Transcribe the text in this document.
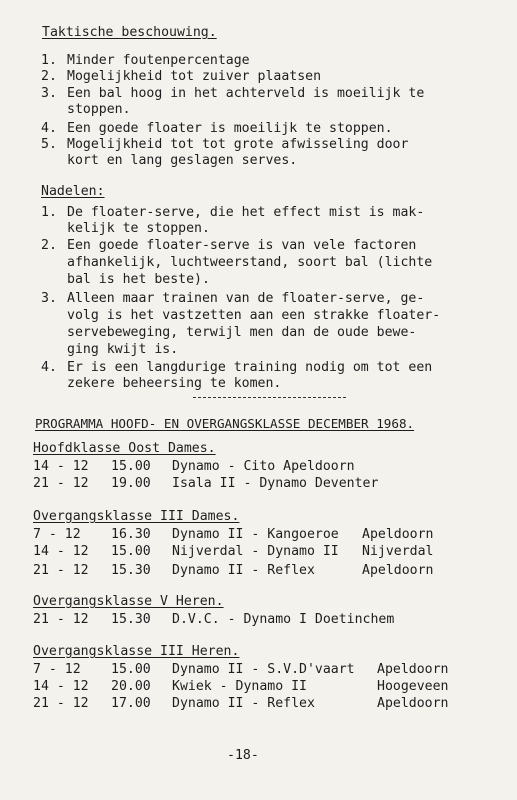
Taktische beschouwing.
1. Minder foutenpercentage
2. Mogelijkheid tot zuiver plaatsen
3. Een bal hoog in het achterveld is moeilijk te
stoppen.
4. Een goede floater is moeilijk te stoppen.
5. Mogelijkheid tot tot grote afwisseling door
kort en lang geslagen serves.
Nadelen:
1. De floater-serve, die het effect mist is mak-
kelijk te stoppen.
2. Een goede floater-serve is van vele factoren
afhankelijk, luchtweerstand, soort bal (lichte
bal is het beste).
3. Alleen maar trainen van de floater-serve, ge-
volg is het vastzetten aan een strakke floater-
servebeweging, terwijl men dan de oude bewe-
ging kwijt is.
4. Er is een langdurige training nodig om tot een
zekere beheersing te komen.
PROGRAMMA HOOFD- EN OVERGANGSKLASSE DECEMBER 1968.
Hoofdklasse Oost Dames.
14 - 12 15.00 Dynamo - Cito Apeldoorn
21 - 12 19.00 Isala II - Dynamo Deventer
Overgangsklasse III Dames.
7 - 12 16.30 Dynamo II - Kangoeroe Apeldoorn
14 - 12 15.00 Nijverdal - Dynamo II Nijverdal
21 - 12 15.30 Dynamo II - Reflex	Apeldoorn
Overgangsklasse V Heren.
21 - 12 15.30 D.V.C. - Dynamo I Doetinchem
Overgangsklasse III Heren.
7 - 12 15.00 Dynamo II - S.V.D'vaart Apeldoorn
14 - 12 20.00 Kwiek - Dynamo II	Hoogeveen
21 - 12 17.00 Dynamo II - Reflex	Apeldoorn
-18-
